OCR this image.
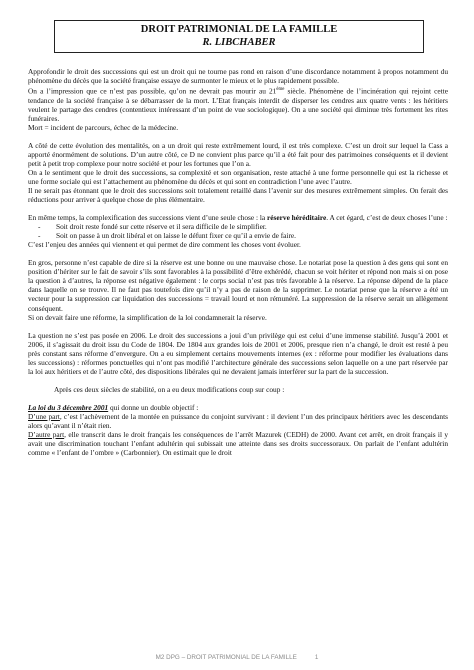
DROIT PATRIMONIAL DE LA FAMILLE
R. LIBCHABER

Approfondir le droit des successions qui est un droit qui ne tourne pas rond en raison d’une discordance notamment à propos notamment du phénomène du décès que la société française essaye de surmonter le mieux et le plus rapidement possible.

On a l’impression que ce n’est pas possible, qu’on ne devrait pas mourir au 21ème siècle. Phénomène de l’incinération qui rejoint cette tendance de la société française à se débarrasser de la mort. L’Etat français interdit de disperser les cendres aux quatre vents : les héritiers veulent le partage des cendres (contentieux intéressant d’un point de vue sociologique). On a une société qui diminue très fortement les rites funéraires.

Mort = incident de parcours, échec de la médecine.

A côté de cette évolution des mentalités, on a un droit qui reste extrêmement lourd, il est très complexe. C’est un droit sur lequel la Cass a apporté énormément de solutions. D’un autre côté, ce D ne convient plus parce qu’il a été fait pour des patrimoines conséquents et il devient petit à petit trop complexe pour notre société et pour les fortunes que l’on a.

On a le sentiment que le droit des successions, sa complexité et son organisation, reste attaché à une forme personnelle qui est la richesse et une forme sociale qui est l’attachement au phénomène du décès et qui sont en contradiction l’une avec l’autre.

Il ne serait pas étonnant que le droit des successions soit totalement retaillé dans l’avenir sur des mesures extrêmement simples. On ferait des réductions pour arriver à quelque chose de plus élémentaire.

En même temps, la complexification des successions vient d’une seule chose : la réserve héréditaire. A cet égard, c’est de deux choses l’une :

-	Soit droit reste fondé sur cette réserve et il sera difficile de le simplifier.
-	Soit on passe à un droit libéral et on laisse le défunt fixer ce qu’il a envie de faire.

C’est l’enjeu des années qui viennent et qui permet de dire comment les choses vont évoluer.

En gros, personne n’est capable de dire si la réserve est une bonne ou une mauvaise chose. Le notariat pose la question à des gens qui sont en position d’hériter sur le fait de savoir s’ils sont favorables à la possibilité d’être exhérédé, chacun se voit hériter et répond non mais si on pose la question à d’autres, la réponse est négative également : le corps social n’est pas très favorable à la réserve. La réponse dépend de la place dans laquelle on se trouve. Il ne faut pas toutefois dire qu’il n’y a pas de raison de la supprimer. Le notariat pense que la réserve a été un vecteur pour la suppression car liquidation des successions = travail lourd et non rémunéré. La suppression de la réserve serait un allègement conséquent.

Si on devait faire une réforme, la simplification de la loi condamnerait la réserve.

La question ne s’est pas posée en 2006. Le droit des successions a joui d’un privilège qui est celui d’une immense stabilité. Jusqu’à 2001 et 2006, il s’agissait du droit issu du Code de 1804. De 1804 aux grandes lois de 2001 et 2006, presque rien n’a changé, le droit est resté à peu près constant sans réforme d’envergure. On a eu simplement certains mouvements internes (ex : réforme pour modifier les évaluations dans les successions) : réformes ponctuelles qui n’ont pas modifié l’architecture générale des successions selon laquelle on a une part réservée par la loi aux héritiers et de l’autre côté, des dispositions libérales qui ne devaient jamais interférer sur la part de la succession.

Après ces deux siècles de stabilité, on a eu deux modifications coup sur coup :

La loi du 3 décembre 2001 qui donne un double objectif :

D’une part, c’est l’achèvement de la montée en puissance du conjoint survivant : il devient l’un des principaux héritiers avec les descendants alors qu’avant il n’était rien.

D’autre part, elle transcrit dans le droit français les conséquences de l’arrêt Mazurek (CEDH) de 2000. Avant cet arrêt, en droit français il y avait une discrimination touchant l’enfant adultérin qui subissait une atteinte dans ses droits successoraux. On parlait de l’enfant adultérin comme « l’enfant de l’ombre » (Carbonnier). On estimait que le droit

M2 DPG – DROIT PATRIMONIAL DE LA FAMILLE	1
